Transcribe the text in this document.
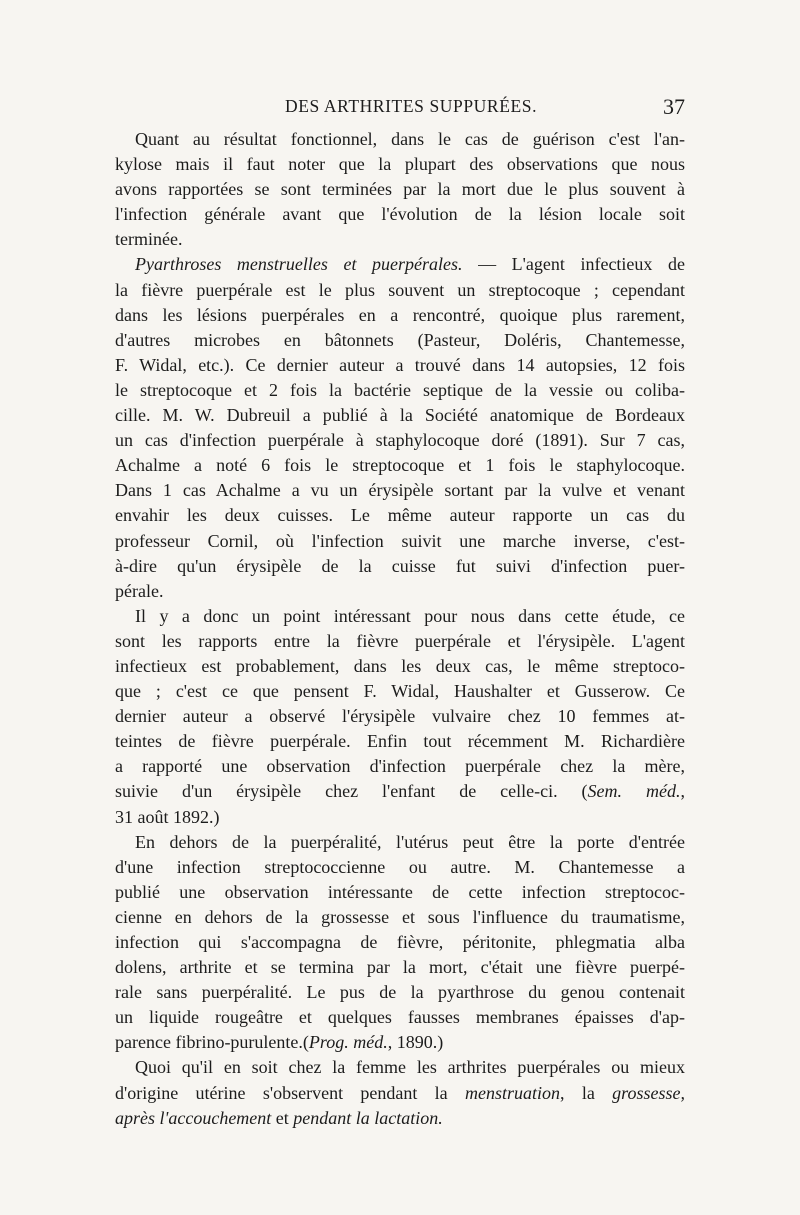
DES ARTHRITES SUPPURÉES.	37
Quant au résultat fonctionnel, dans le cas de guérison c'est l'an-
kylose mais il faut noter que la plupart des observations que nous
avons rapportées se sont terminées par la mort due le plus souvent à
l'infection générale avant que l'évolution de la lésion locale soit
terminée.
Pyarthroses menstruelles et puerpérales. — L'agent infectieux de
la fièvre puerpérale est le plus souvent un streptocoque ; cependant
dans les lésions puerpérales en a rencontré, quoique plus rarement,
d'autres microbes en bâtonnets (Pasteur, Doléris, Chantemesse,
F. Widal, etc.). Ce dernier auteur a trouvé dans 14 autopsies, 12 fois
le streptocoque et 2 fois la bactérie septique de la vessie ou coliba-
cille. M. W. Dubreuil a publié à la Société anatomique de Bordeaux
un cas d'infection puerpérale à staphylocoque doré (1891). Sur 7 cas,
Achalme a noté 6 fois le streptocoque et 1 fois le staphylocoque.
Dans 1 cas Achalme a vu un érysipèle sortant par la vulve et venant
envahir les deux cuisses. Le même auteur rapporte un cas du
professeur Cornil, où l'infection suivit une marche inverse, c'est-
à-dire qu'un érysipèle de la cuisse fut suivi d'infection puer-
pérale.
Il y a donc un point intéressant pour nous dans cette étude, ce
sont les rapports entre la fièvre puerpérale et l'érysipèle. L'agent
infectieux est probablement, dans les deux cas, le même streptoco-
que ; c'est ce que pensent F. Widal, Haushalter et Gusserow. Ce
dernier auteur a observé l'érysipèle vulvaire chez 10 femmes at-
teintes de fièvre puerpérale. Enfin tout récemment M. Richardière
a rapporté une observation d'infection puerpérale chez la mère,
suivie d'un érysipèle chez l'enfant de celle-ci. (Sem. méd.,
31 août 1892.)
En dehors de la puerpéralité, l'utérus peut être la porte d'entrée
d'une infection streptococcienne ou autre. M. Chantemesse a
publié une observation intéressante de cette infection streptococ-
cienne en dehors de la grossesse et sous l'influence du traumatisme,
infection qui s'accompagna de fièvre, péritonite, phlegmatia alba
dolens, arthrite et se termina par la mort, c'était une fièvre puerpé-
rale sans puerpéralité. Le pus de la pyarthrose du genou contenait
un liquide rougeâtre et quelques fausses membranes épaisses d'ap-
parence fibrino-purulente.(Prog. méd., 1890.)
Quoi qu'il en soit chez la femme les arthrites puerpérales ou mieux
d'origine utérine s'observent pendant la menstruation, la grossesse,
après l'accouchement et pendant la lactation.
